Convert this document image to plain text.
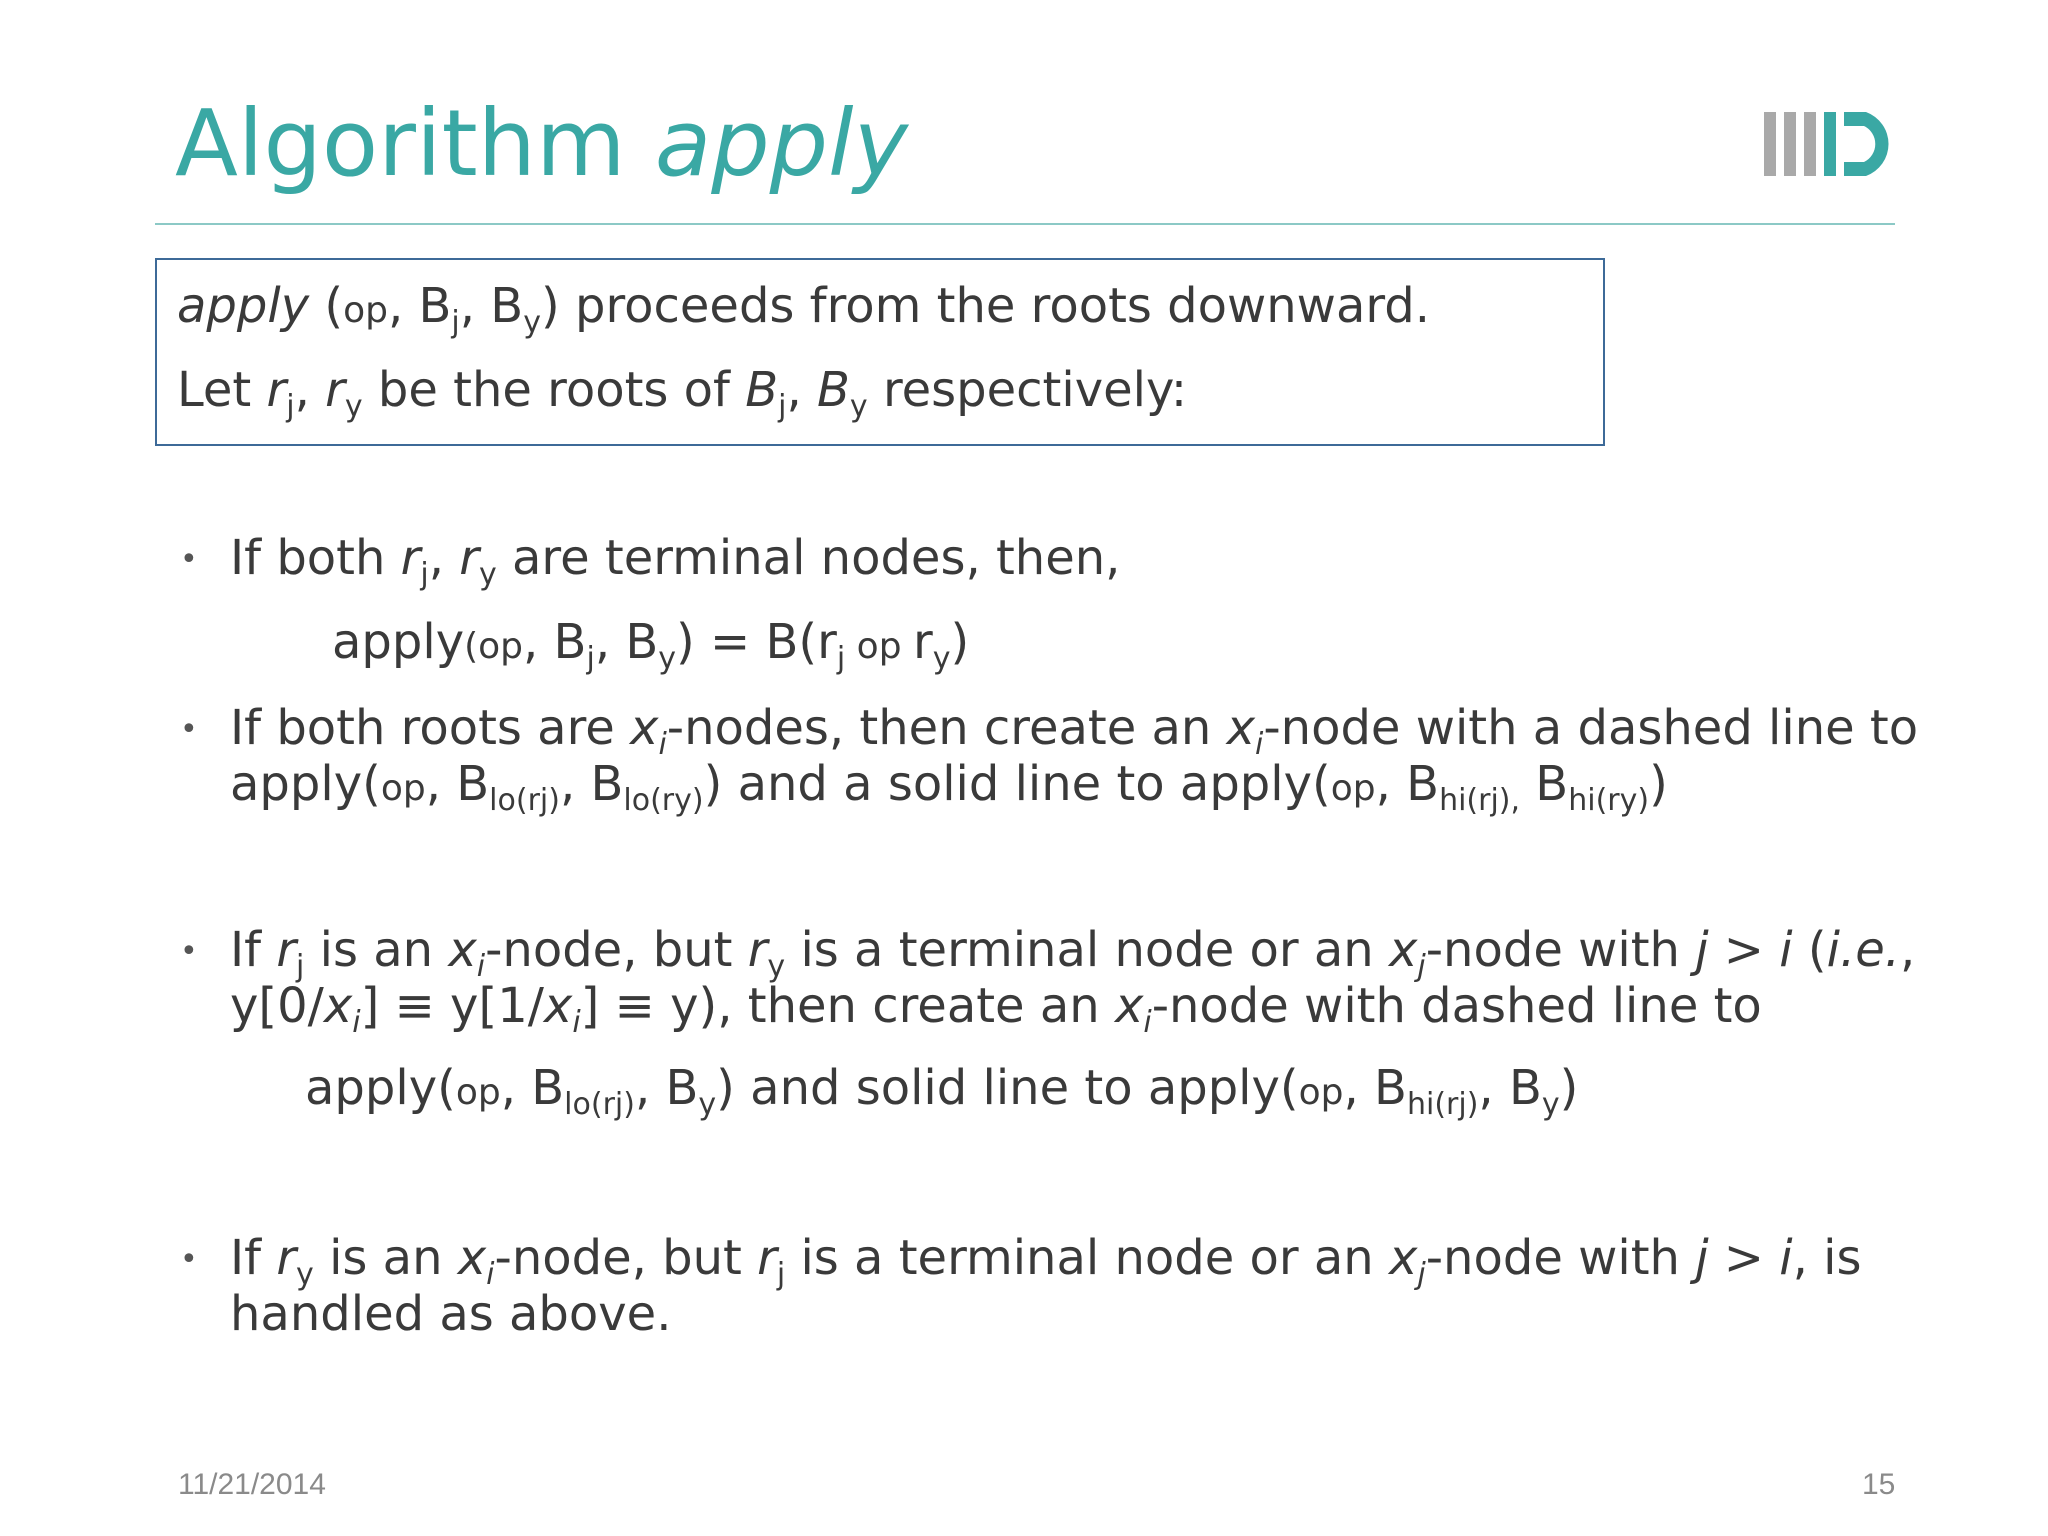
Algorithm apply
apply (op, $B_j$, $B_y$) proceeds from the roots downward.
Let $r_j$, $r_y$ be the roots of $B_j$, $B_y$ respectively:
• If both $r_j$, $r_y$ are terminal nodes, then,
apply(op, $B_j$, $B_y) = B(r_j$ op $r_y$)
• If both roots are $x_i$-nodes, then create an $x_i$-node with a dashed line to
apply(op, $B_{lo(rj)}$, $B_{lo(ry)}$) and a solid line to apply(op, $B_{hi(rj),}$ $B_{hi(ry)}$)
• If $r_j$ is an $x_i$-node, but $r_y$ is a terminal node or an $x_j$-node with j > i (i.e.,
$y[0/x_i] \equiv y[1/x_i] \equiv y$), then create an $x_i$-node with dashed line to
apply(op, $B_{lo(rj)}$, $B_y$) and solid line to apply(op, $B_{hi(rj)}$, $B_y$)
• If $r_y$ is an $x_i$-node, but $r_j$ is a terminal node or an $x_j$-node with j > i, is
handled as above.
11/21/2014	15
